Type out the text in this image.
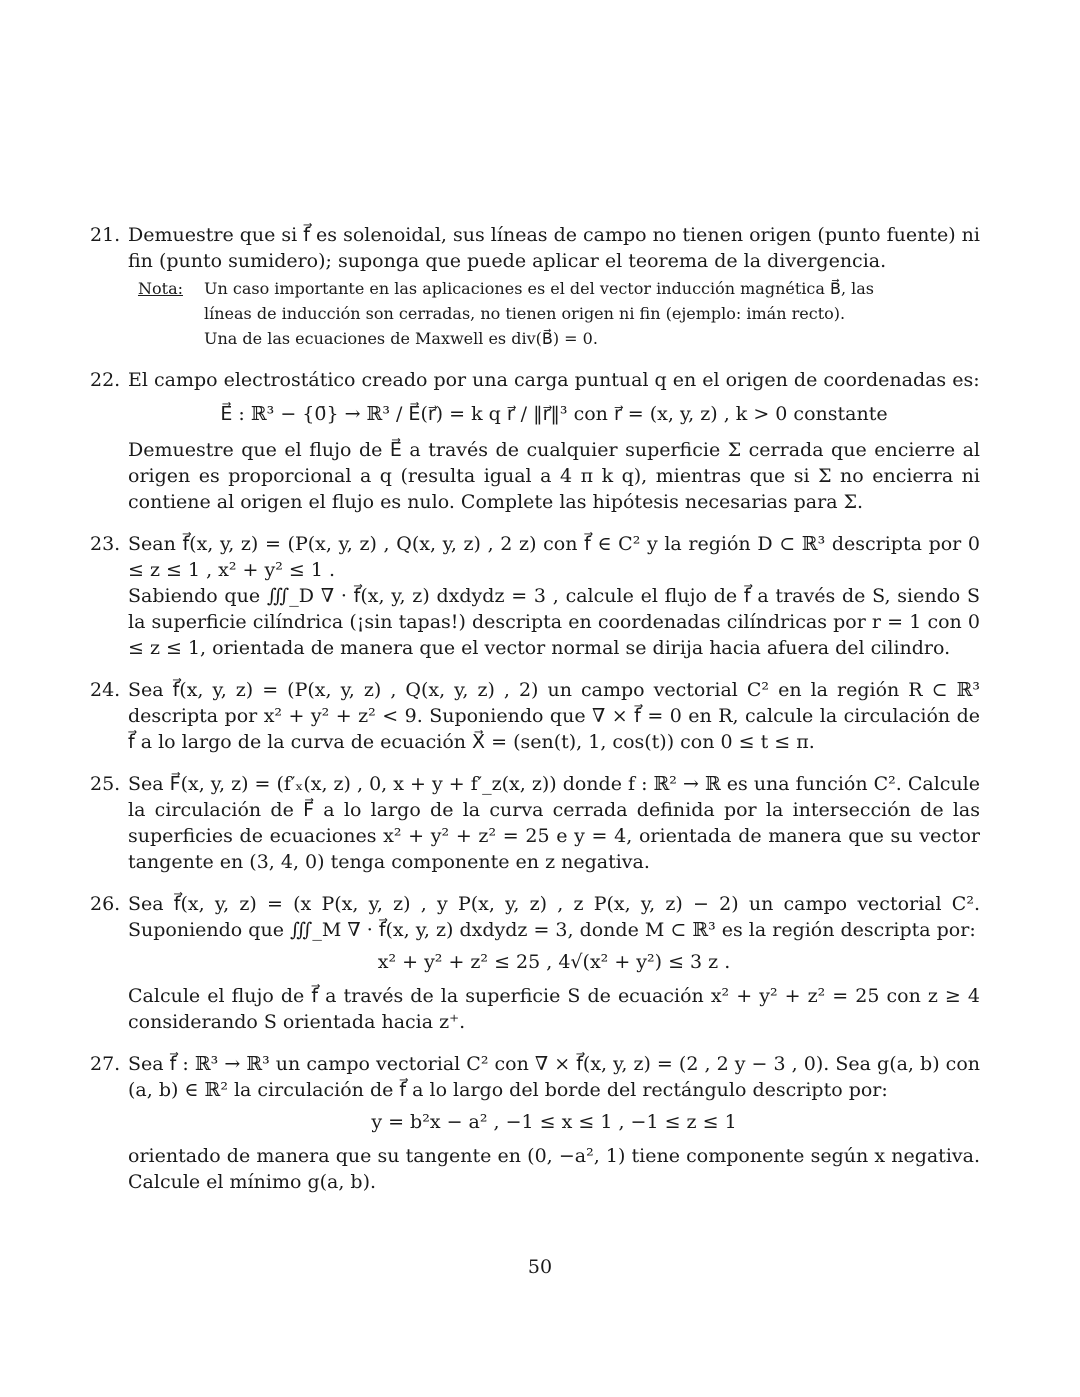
21. Demuestre que si f⃗ es solenoidal, sus líneas de campo no tienen origen (punto fuente) ni fin (punto sumidero); suponga que puede aplicar el teorema de la divergencia.

Nota: Un caso importante en las aplicaciones es el del vector inducción magnética B⃗, las
líneas de inducción son cerradas, no tienen origen ni fin (ejemplo: imán recto).
Una de las ecuaciones de Maxwell es div(B⃗) = 0.
22. El campo electrostático creado por una carga puntual q en el origen de coordenadas es:

E⃗ : ℝ³ − {0̄} → ℝ³ / E⃗(r⃗) = k q r⃗ / ‖r⃗‖³ con r⃗ = (x, y, z) , k > 0 constante

Demuestre que el flujo de E⃗ a través de cualquier superficie Σ cerrada que encierre al origen es proporcional a q (resulta igual a 4 π k q), mientras que si Σ no encierra ni contiene al origen el flujo es nulo. Complete las hipótesis necesarias para Σ.

23. Sean f⃗(x, y, z) = (P(x, y, z) , Q(x, y, z) , 2 z) con f⃗ ∈ C² y la región D ⊂ ℝ³ descripta por 0 ≤ z ≤ 1 , x² + y² ≤ 1 .

Sabiendo que ∭_D ∇ · f⃗(x, y, z) dxdydz = 3 , calcule el flujo de f⃗ a través de S, siendo S la superficie cilíndrica (¡sin tapas!) descripta en coordenadas cilíndricas por r = 1 con 0 ≤ z ≤ 1, orientada de manera que el vector normal se dirija hacia afuera del cilindro.

24. Sea f⃗(x, y, z) = (P(x, y, z) , Q(x, y, z) , 2) un campo vectorial C² en la región R ⊂ ℝ³ descripta por x² + y² + z² < 9. Suponiendo que ∇ × f⃗ = 0 en R, calcule la circulación de f⃗ a lo largo de la curva de ecuación X⃗ = (sen(t), 1, cos(t)) con 0 ≤ t ≤ π.

25. Sea F⃗(x, y, z) = (f′ₓ(x, z) , 0, x + y + f′_z(x, z)) donde f : ℝ² → ℝ es una función C². Calcule la circulación de F⃗ a lo largo de la curva cerrada definida por la intersección de las superficies de ecuaciones x² + y² + z² = 25 e y = 4, orientada de manera que su vector tangente en (3, 4, 0) tenga componente en z negativa.

26. Sea f⃗(x, y, z) = (x P(x, y, z) , y P(x, y, z) , z P(x, y, z) − 2) un campo vectorial C². Suponiendo que ∭_M ∇ · f⃗(x, y, z) dxdydz = 3, donde M ⊂ ℝ³ es la región descripta por:

x² + y² + z² ≤ 25 , 4√(x² + y²) ≤ 3 z .

Calcule el flujo de f⃗ a través de la superficie S de ecuación x² + y² + z² = 25 con z ≥ 4 considerando S orientada hacia z⁺.

27. Sea f⃗ : ℝ³ → ℝ³ un campo vectorial C² con ∇ × f⃗(x, y, z) = (2 , 2 y − 3 , 0). Sea g(a, b) con (a, b) ∈ ℝ² la circulación de f⃗ a lo largo del borde del rectángulo descripto por:

y = b²x − a² , −1 ≤ x ≤ 1 , −1 ≤ z ≤ 1

orientado de manera que su tangente en (0, −a², 1) tiene componente según x negativa. Calcule el mínimo g(a, b).

50
